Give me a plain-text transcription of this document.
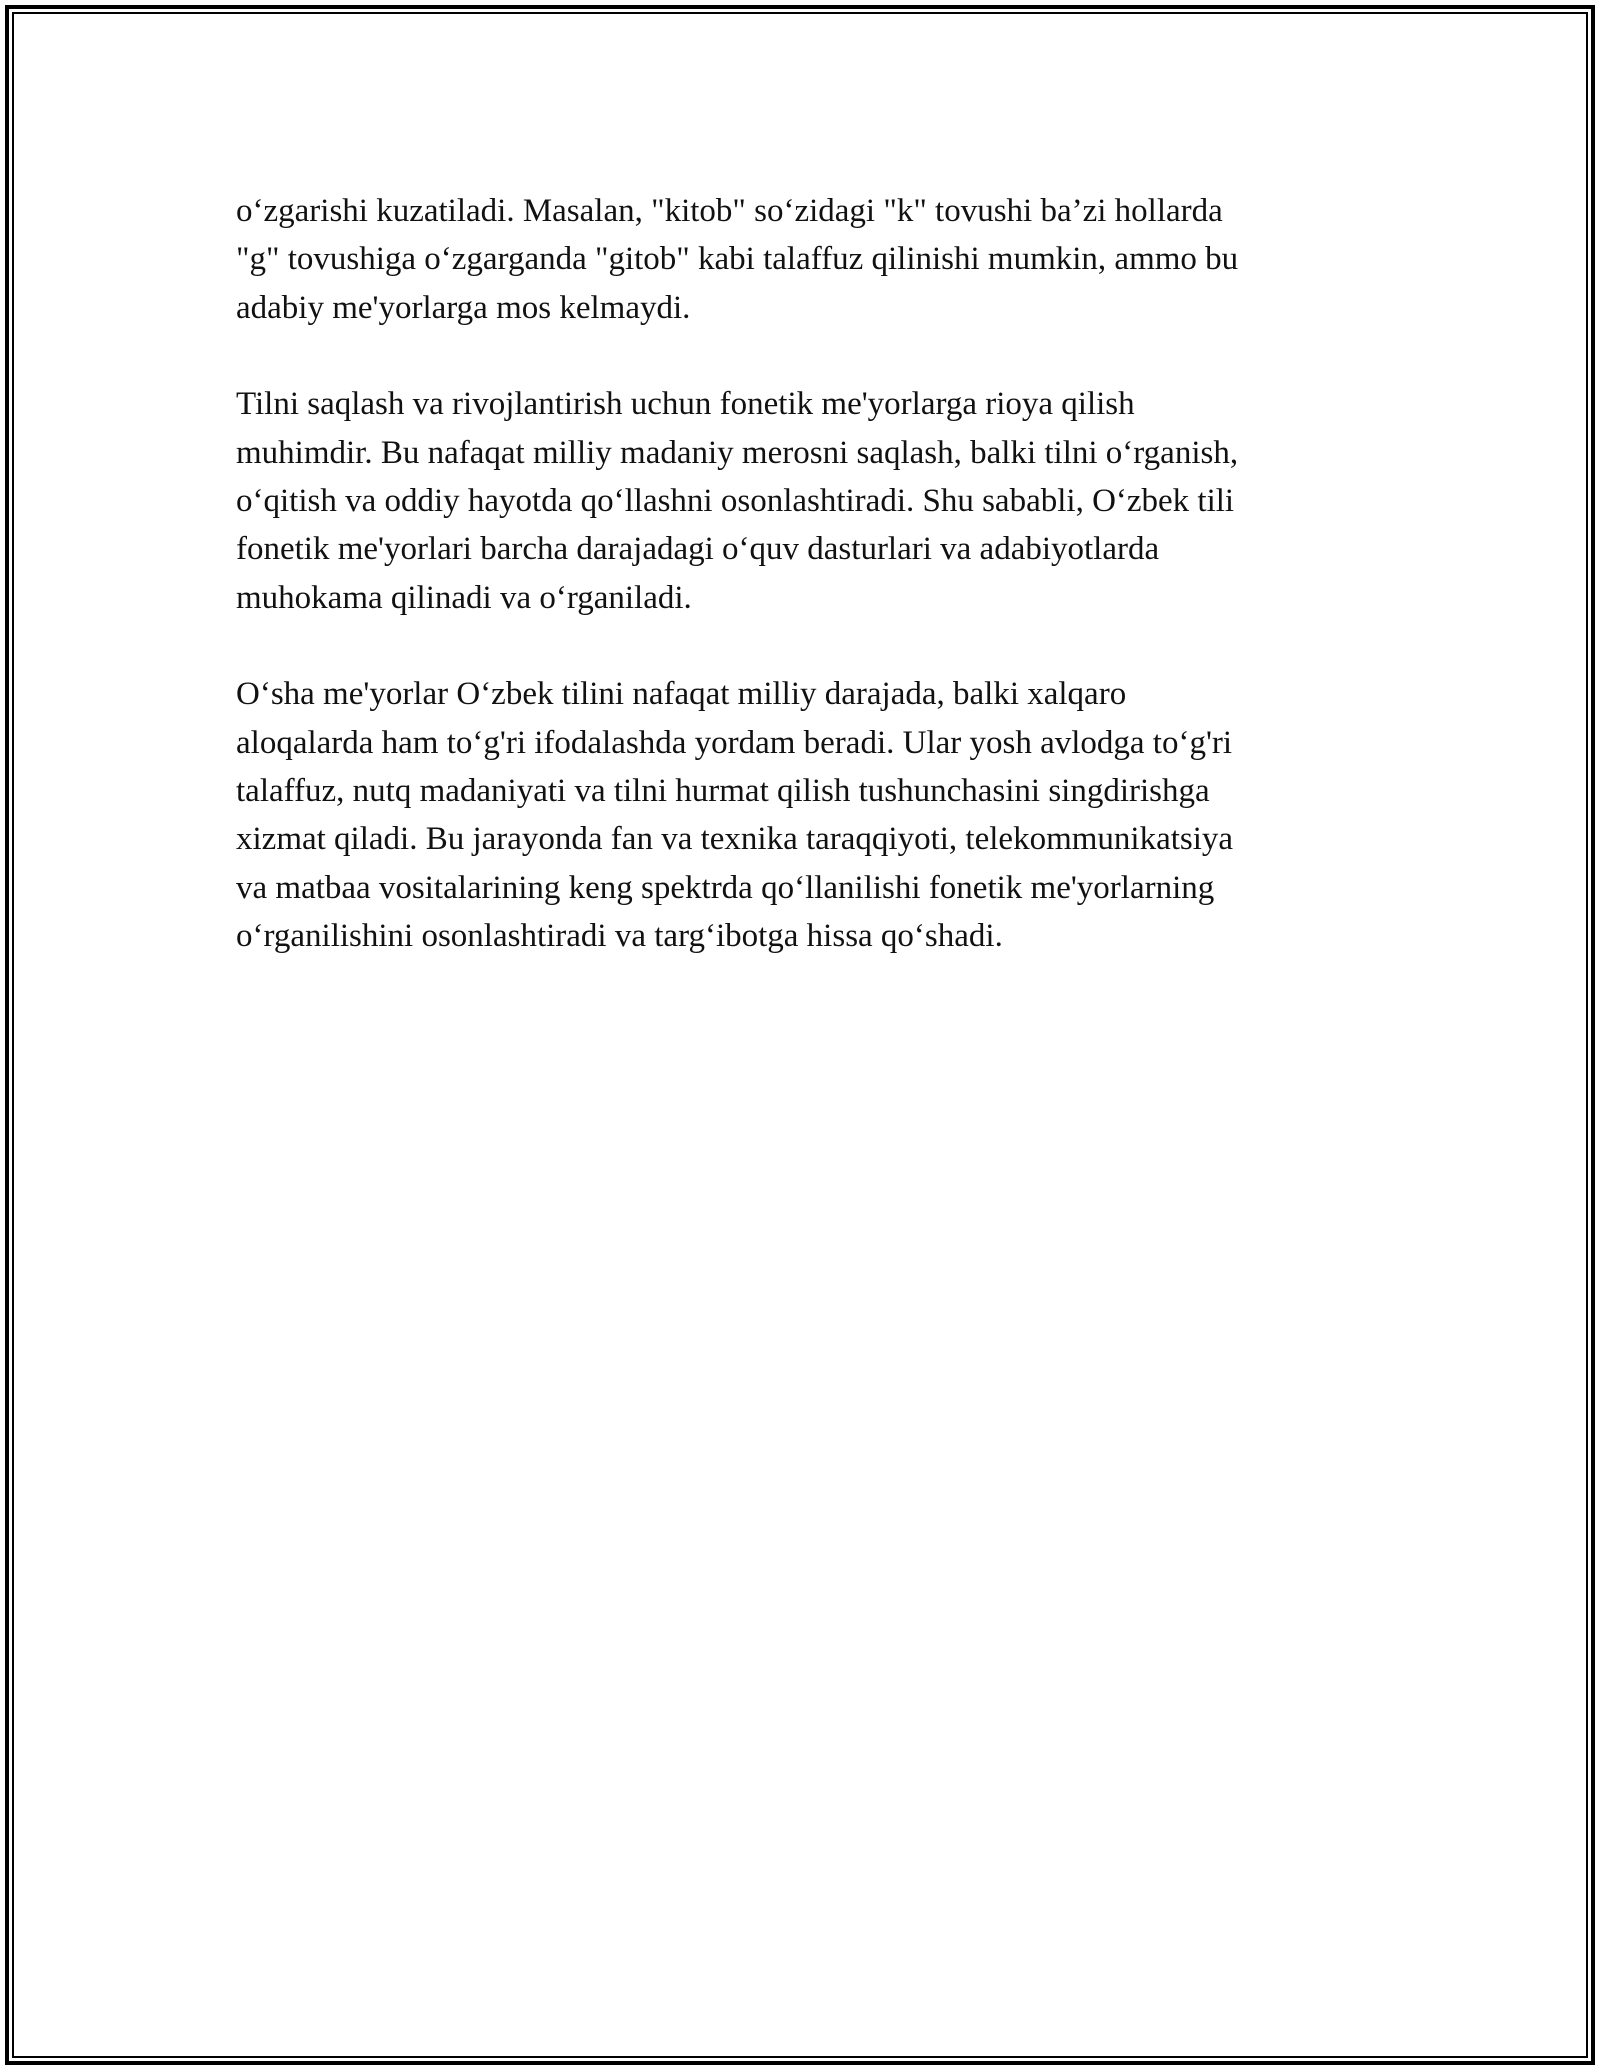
o‘zgarishi kuzatiladi. Masalan, "kitob" so‘zidagi "k" tovushi ba’zi hollarda
"g" tovushiga o‘zgarganda "gitob" kabi talaffuz qilinishi mumkin, ammo bu
adabiy me'yorlarga mos kelmaydi.

Tilni saqlash va rivojlantirish uchun fonetik me'yorlarga rioya qilish
muhimdir. Bu nafaqat milliy madaniy merosni saqlash, balki tilni o‘rganish,
o‘qitish va oddiy hayotda qo‘llashni osonlashtiradi. Shu sababli, O‘zbek tili
fonetik me'yorlari barcha darajadagi o‘quv dasturlari va adabiyotlarda
muhokama qilinadi va o‘rganiladi.

O‘sha me'yorlar O‘zbek tilini nafaqat milliy darajada, balki xalqaro
aloqalarda ham to‘g'ri ifodalashda yordam beradi. Ular yosh avlodga to‘g'ri
talaffuz, nutq madaniyati va tilni hurmat qilish tushunchasini singdirishga
xizmat qiladi. Bu jarayonda fan va texnika taraqqiyoti, telekommunikatsiya
va matbaa vositalarining keng spektrda qo‘llanilishi fonetik me'yorlarning
o‘rganilishini osonlashtiradi va targ‘ibotga hissa qo‘shadi.
